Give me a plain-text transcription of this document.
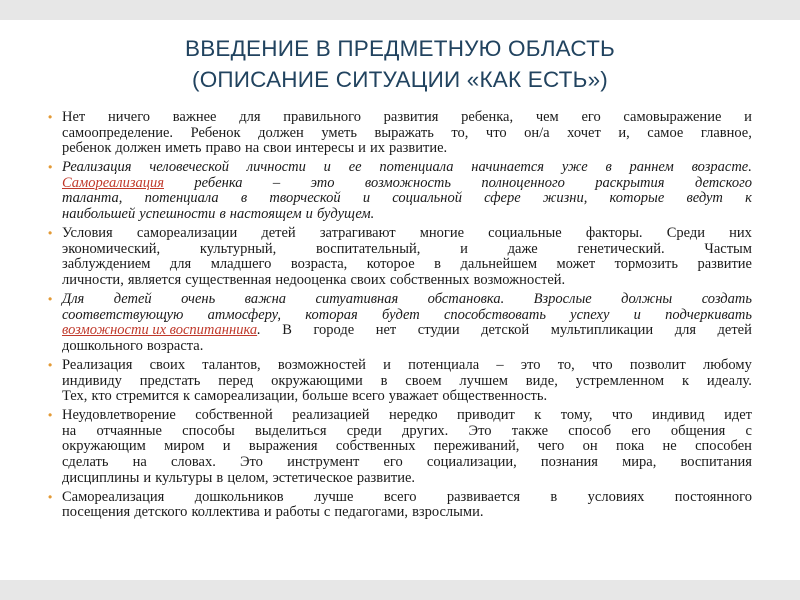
ВВЕДЕНИЕ В ПРЕДМЕТНУЮ ОБЛАСТЬ
(ОПИСАНИЕ СИТУАЦИИ «КАК ЕСТЬ»)
• Нет ничего важнее для правильного развития ребенка, чем его самовыражение и
самоопределение. Ребенок должен уметь выражать то, что он/а хочет и, самое главное,
ребенок должен иметь право на свои интересы и их развитие.
• Реализация человеческой личности и ее потенциала начинается уже в раннем возрасте.
Самореализация ребенка – это возможность полноценного раскрытия детского
таланта, потенциала в творческой и социальной сфере жизни, которые ведут к
наибольшей успешности в настоящем и будущем.
• Условия самореализации детей затрагивают многие социальные факторы. Среди них
экономический,	культурный,	воспитательный,	и	даже	генетический.	Частым
заблуждением для младшего возраста, которое в дальнейшем может тормозить развитие
личности, является существенная недооценка своих собственных возможностей.
• Для детей очень важна ситуативная обстановка. Взрослые должны создать
соответствующую атмосферу, которая будет способствовать успеху и подчеркивать
возможности их воспитанника. В городе нет студии детской мультипликации для детей
дошкольного возраста.
• Реализация своих талантов, возможностей и потенциала – это то, что позволит любому
индивиду предстать перед окружающими в своем лучшем виде, устремленном к идеалу.
Тех, кто стремится к самореализации, больше всего уважает общественность.
• Неудовлетворение собственной реализацией нередко приводит к тому, что индивид идет
на отчаянные способы выделиться среди других. Это также способ его общения с
окружающим миром и выражения собственных переживаний, чего он пока не способен
сделать на словах. Это инструмент его социализации, познания мира, воспитания
дисциплины и культуры в целом, эстетическое развитие.
• Самореализация дошкольников лучше всего развивается в условиях постоянного
посещения детского коллектива и работы с педагогами, взрослыми.
